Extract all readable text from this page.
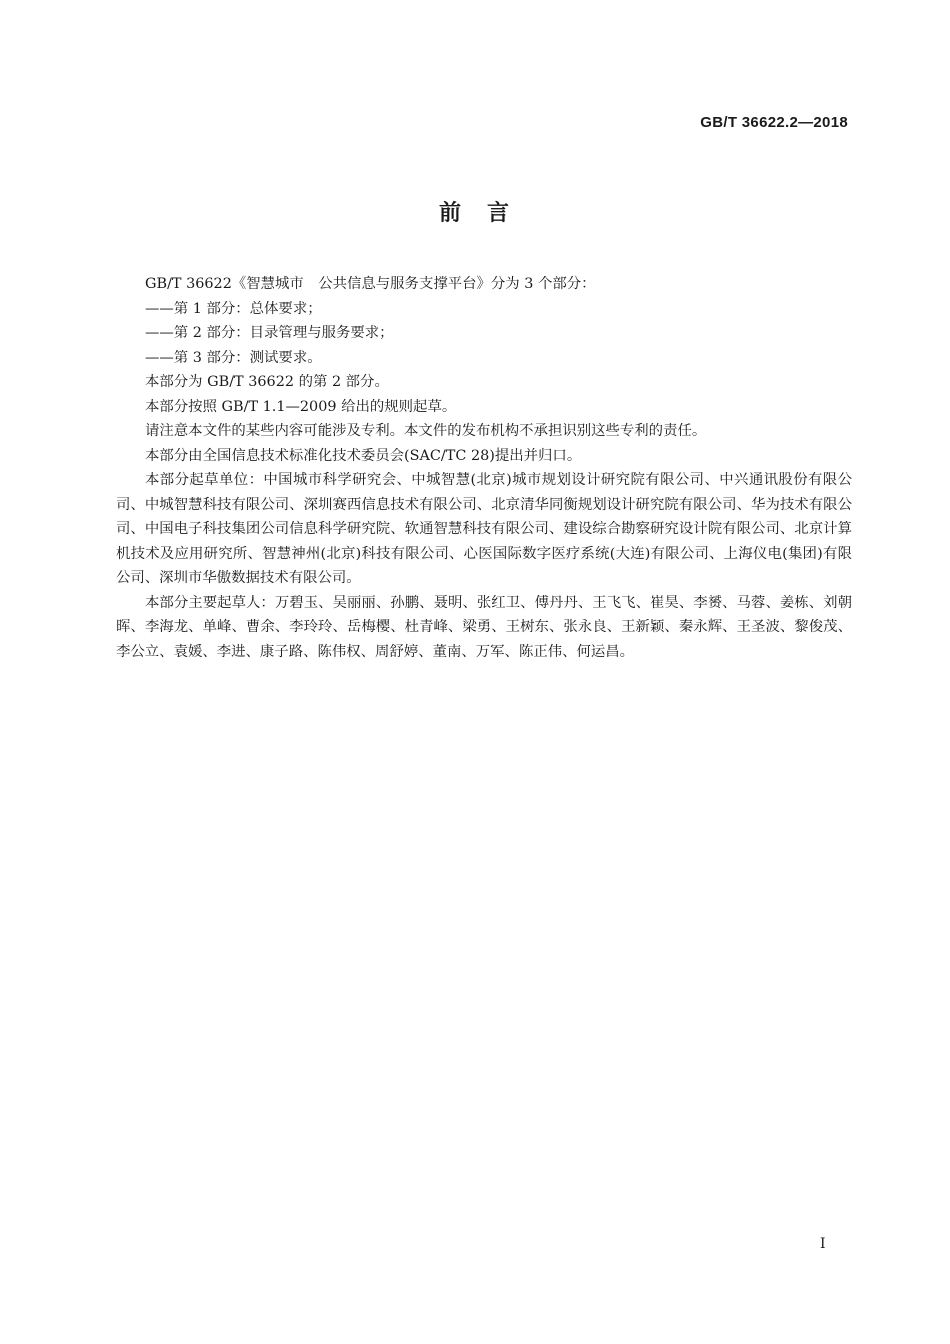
GB/T 36622.2—2018
前　言

GB/T 36622《智慧城市　公共信息与服务支撑平台》分为 3 个部分：

——第 1 部分：总体要求；

——第 2 部分：目录管理与服务要求；

——第 3 部分：测试要求。

本部分为 GB/T 36622 的第 2 部分。

本部分按照 GB/T 1.1—2009 给出的规则起草。

请注意本文件的某些内容可能涉及专利。本文件的发布机构不承担识别这些专利的责任。

本部分由全国信息技术标准化技术委员会(SAC/TC 28)提出并归口。

本部分起草单位：中国城市科学研究会、中城智慧(北京)城市规划设计研究院有限公司、中兴通讯股份有限公司、中城智慧科技有限公司、深圳赛西信息技术有限公司、北京清华同衡规划设计研究院有限公司、华为技术有限公司、中国电子科技集团公司信息科学研究院、软通智慧科技有限公司、建设综合勘察研究设计院有限公司、北京计算机技术及应用研究所、智慧神州(北京)科技有限公司、心医国际数字医疗系统(大连)有限公司、上海仪电(集团)有限公司、深圳市华傲数据技术有限公司。

本部分主要起草人：万碧玉、吴丽丽、孙鹏、聂明、张红卫、傅丹丹、王飞飞、崔昊、李赟、马蓉、姜栋、刘朝晖、李海龙、单峰、曹余、李玲玲、岳梅樱、杜青峰、梁勇、王树东、张永良、王新颖、秦永辉、王圣波、黎俊茂、李公立、袁媛、李进、康子路、陈伟权、周舒婷、董南、万军、陈正伟、何运昌。

I
